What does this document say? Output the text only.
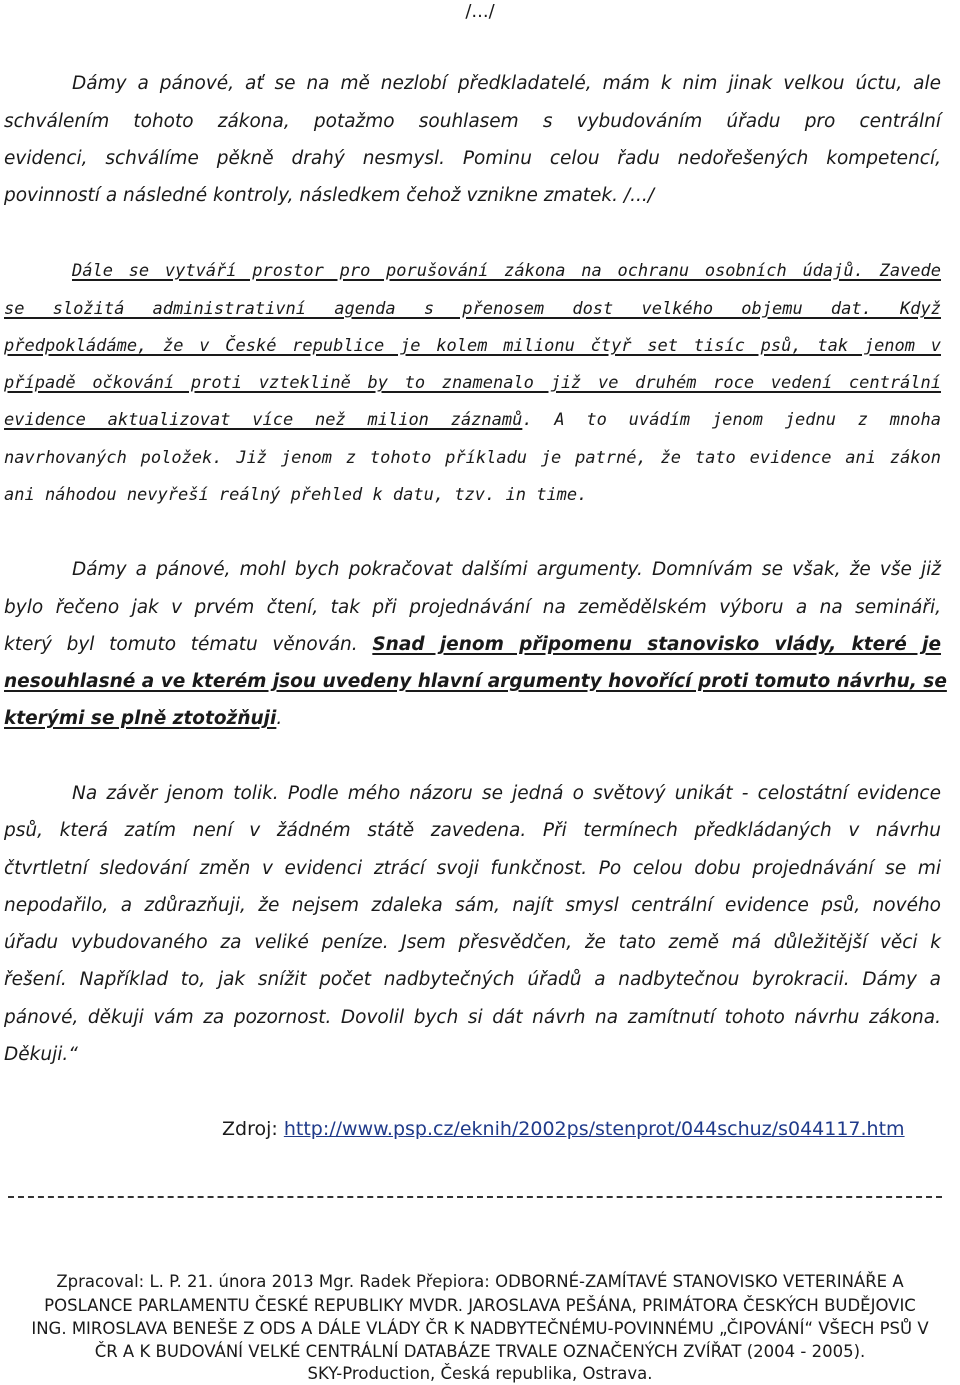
/.../
Dámy a pánové, ať se na mě nezlobí předkladatelé, mám k nim jinak velkou úctu, ale
schválením tohoto zákona, potažmo souhlasem s vybudováním úřadu pro centrální
evidenci, schválíme pěkně drahý nesmysl. Pominu celou řadu nedořešených kompetencí,
povinností a následné kontroly, následkem čehož vznikne zmatek. /.../
Dále se vytváří prostor pro porušování zákona na ochranu osobních údajů. Zavede
se složitá administrativní agenda s přenosem dost velkého objemu dat. Když
předpokládáme, že v České republice je kolem milionu čtyř set tisíc psů, tak jenom v
případě očkování proti vzteklině by to znamenalo již ve druhém roce vedení centrální
evidence aktualizovat více než milion záznamů. A to uvádím jenom jednu z mnoha
navrhovaných položek. Již jenom z tohoto příkladu je patrné, že tato evidence ani zákon
ani náhodou nevyřeší reálný přehled k datu, tzv. in time.
Dámy a pánové, mohl bych pokračovat dalšími argumenty. Domnívám se však, že vše již
bylo řečeno jak v prvém čtení, tak při projednávání na zemědělském výboru a na semináři,
který byl tomuto tématu věnován. Snad jenom připomenu stanovisko vlády, které je
nesouhlasné a ve kterém jsou uvedeny hlavní argumenty hovořící proti tomuto návrhu, se
kterými se plně ztotožňuji.
Na závěr jenom tolik. Podle mého názoru se jedná o světový unikát - celostátní evidence
psů, která zatím není v žádném státě zavedena. Při termínech předkládaných v návrhu
čtvrtletní sledování změn v evidenci ztrácí svoji funkčnost. Po celou dobu projednávání se mi
nepodařilo, a zdůrazňuji, že nejsem zdaleka sám, najít smysl centrální evidence psů, nového
úřadu vybudovaného za veliké peníze. Jsem přesvědčen, že tato země má důležitější věci k
řešení. Například to, jak snížit počet nadbytečných úřadů a nadbytečnou byrokracii. Dámy a
pánové, děkuji vám za pozornost. Dovolil bych si dát návrh na zamítnutí tohoto návrhu zákona.
Děkuji.“
Zdroj: http://www.psp.cz/eknih/2002ps/stenprot/044schuz/s044117.htm
Zpracoval: L. P. 21. února 2013 Mgr. Radek Přepiora: ODBORNÉ-ZAMÍTAVÉ STANOVISKO VETERINÁŘE A
POSLANCE PARLAMENTU ČESKÉ REPUBLIKY MVDR. JAROSLAVA PEŠÁNA, PRIMÁTORA ČESKÝCH BUDĚJOVIC
ING. MIROSLAVA BENEŠE Z ODS A DÁLE VLÁDY ČR K NADBYTEČNÉMU-POVINNÉMU „ČIPOVÁNÍ“ VŠECH PSŮ V
ČR A K BUDOVÁNÍ VELKÉ CENTRÁLNÍ DATABÁZE TRVALE OZNAČENÝCH ZVÍŘAT (2004 - 2005).
SKY-Production, Česká republika, Ostrava.
